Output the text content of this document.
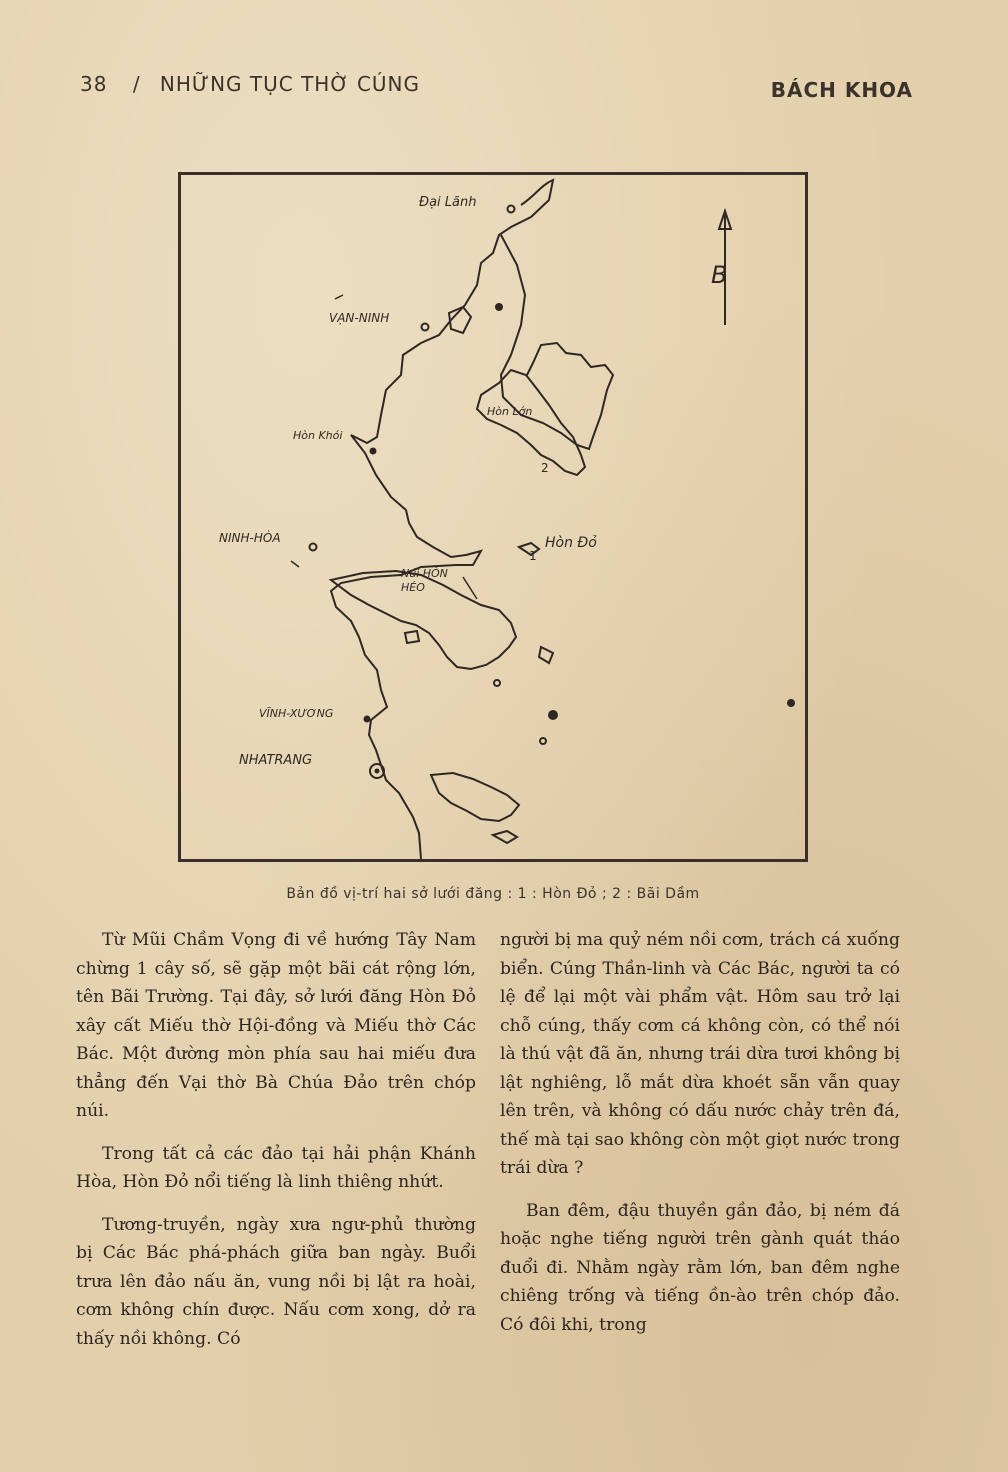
38 / NHỮNG TỤC THỜ CÚNG	BÁCH KHOA
Đại Lãnh
VẠN-NINH
Hòn Lớn
Hòn Khói
NINH-HÒA	Hòn Đỏ
Núi HÒN HÉO
VĨNH-XƯƠNG
NHATRANG
1
2
B
Bản đồ vị-trí hai sở lưới đăng : 1 : Hòn Đỏ ; 2 : Bãi Dầm

Từ Mũi Chầm Vọng đi về hướng Tây Nam chừng 1 cây số, sẽ gặp một bãi cát rộng lớn, tên Bãi Trường. Tại đây, sở lưới đăng Hòn Đỏ xây cất Miếu thờ Hội-đồng và Miếu thờ Các Bác. Một đường mòn phía sau hai miếu đưa thẳng đến Vại thờ Bà Chúa Đảo trên chóp núi.

Trong tất cả các đảo tại hải phận Khánh Hòa, Hòn Đỏ nổi tiếng là linh thiêng nhứt.

Tương-truyền, ngày xưa ngư-phủ thường bị Các Bác phá-phách giữa ban ngày. Buổi trưa lên đảo nấu ăn, vung nồi bị lật ra hoài, cơm không chín được. Nấu cơm xong, dở ra thấy nồi không. Có

người bị ma quỷ ném nồi cơm, trách cá xuống biển. Cúng Thần-linh và Các Bác, người ta có lệ để lại một vài phẩm vật. Hôm sau trở lại chỗ cúng, thấy cơm cá không còn, có thể nói là thú vật đã ăn, nhưng trái dừa tươi không bị lật nghiêng, lỗ mắt dừa khoét sẵn vẫn quay lên trên, và không có dấu nước chảy trên đá, thế mà tại sao không còn một giọt nước trong trái dừa ?

Ban đêm, đậu thuyền gần đảo, bị ném đá hoặc nghe tiếng người trên gành quát tháo đuổi đi. Nhằm ngày rằm lớn, ban đêm nghe chiêng trống và tiếng ồn-ào trên chóp đảo. Có đôi khi, trong
